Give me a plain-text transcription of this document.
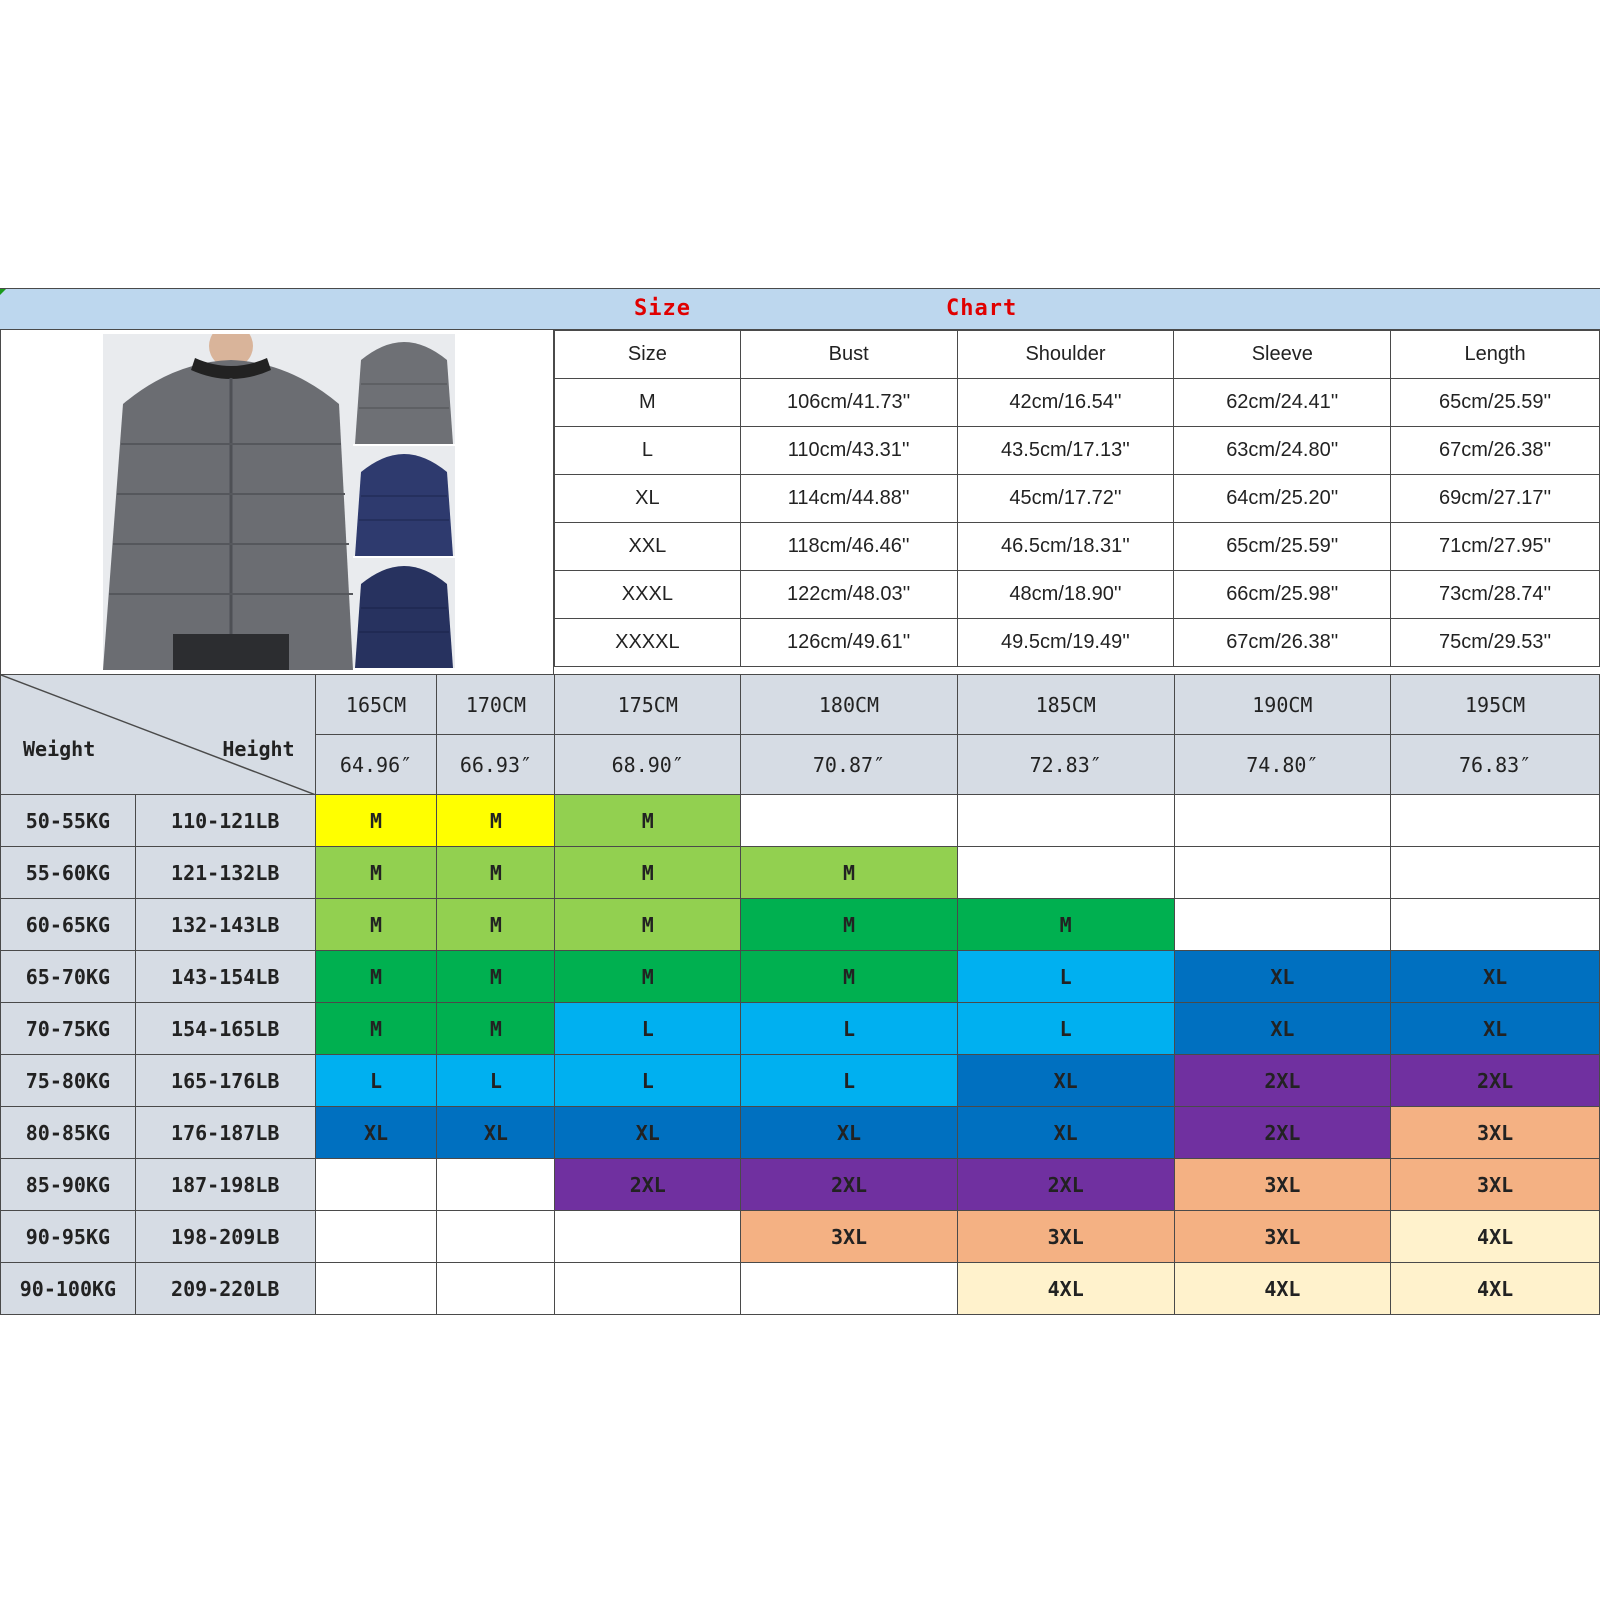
Size	Chart
Size	Bust	Shoulder	Sleeve	Length
M	106cm/41.73''	42cm/16.54''	62cm/24.41''	65cm/25.59''
L	110cm/43.31''	43.5cm/17.13''	63cm/24.80''	67cm/26.38''
XL	114cm/44.88''	45cm/17.72''	64cm/25.20''	69cm/27.17''
XXL	118cm/46.46''	46.5cm/18.31''	65cm/25.59''	71cm/27.95''
XXXL	122cm/48.03''	48cm/18.90''	66cm/25.98''	73cm/28.74''
XXXXL	126cm/49.61''	49.5cm/19.49''	67cm/26.38''	75cm/29.53''
Weight Height		165CM	170CM	175CM	180CM	185CM	190CM	195CM
		64.96″	66.93″	68.90″	70.87″	72.83″	74.80″	76.83″
50-55KG	110-121LB	M	M	M				
55-60KG	121-132LB	M	M	M	M			
60-65KG	132-143LB	M	M	M	M	M		
65-70KG	143-154LB	M	M	M	M	L	XL	XL
70-75KG	154-165LB	M	M	L	L	L	XL	XL
75-80KG	165-176LB	L	L	L	L	XL	2XL	2XL
80-85KG	176-187LB	XL	XL	XL	XL	XL	2XL	3XL
85-90KG	187-198LB			2XL	2XL	2XL	3XL	3XL
90-95KG	198-209LB				3XL	3XL	3XL	4XL
90-100KG	209-220LB					4XL	4XL	4XL
